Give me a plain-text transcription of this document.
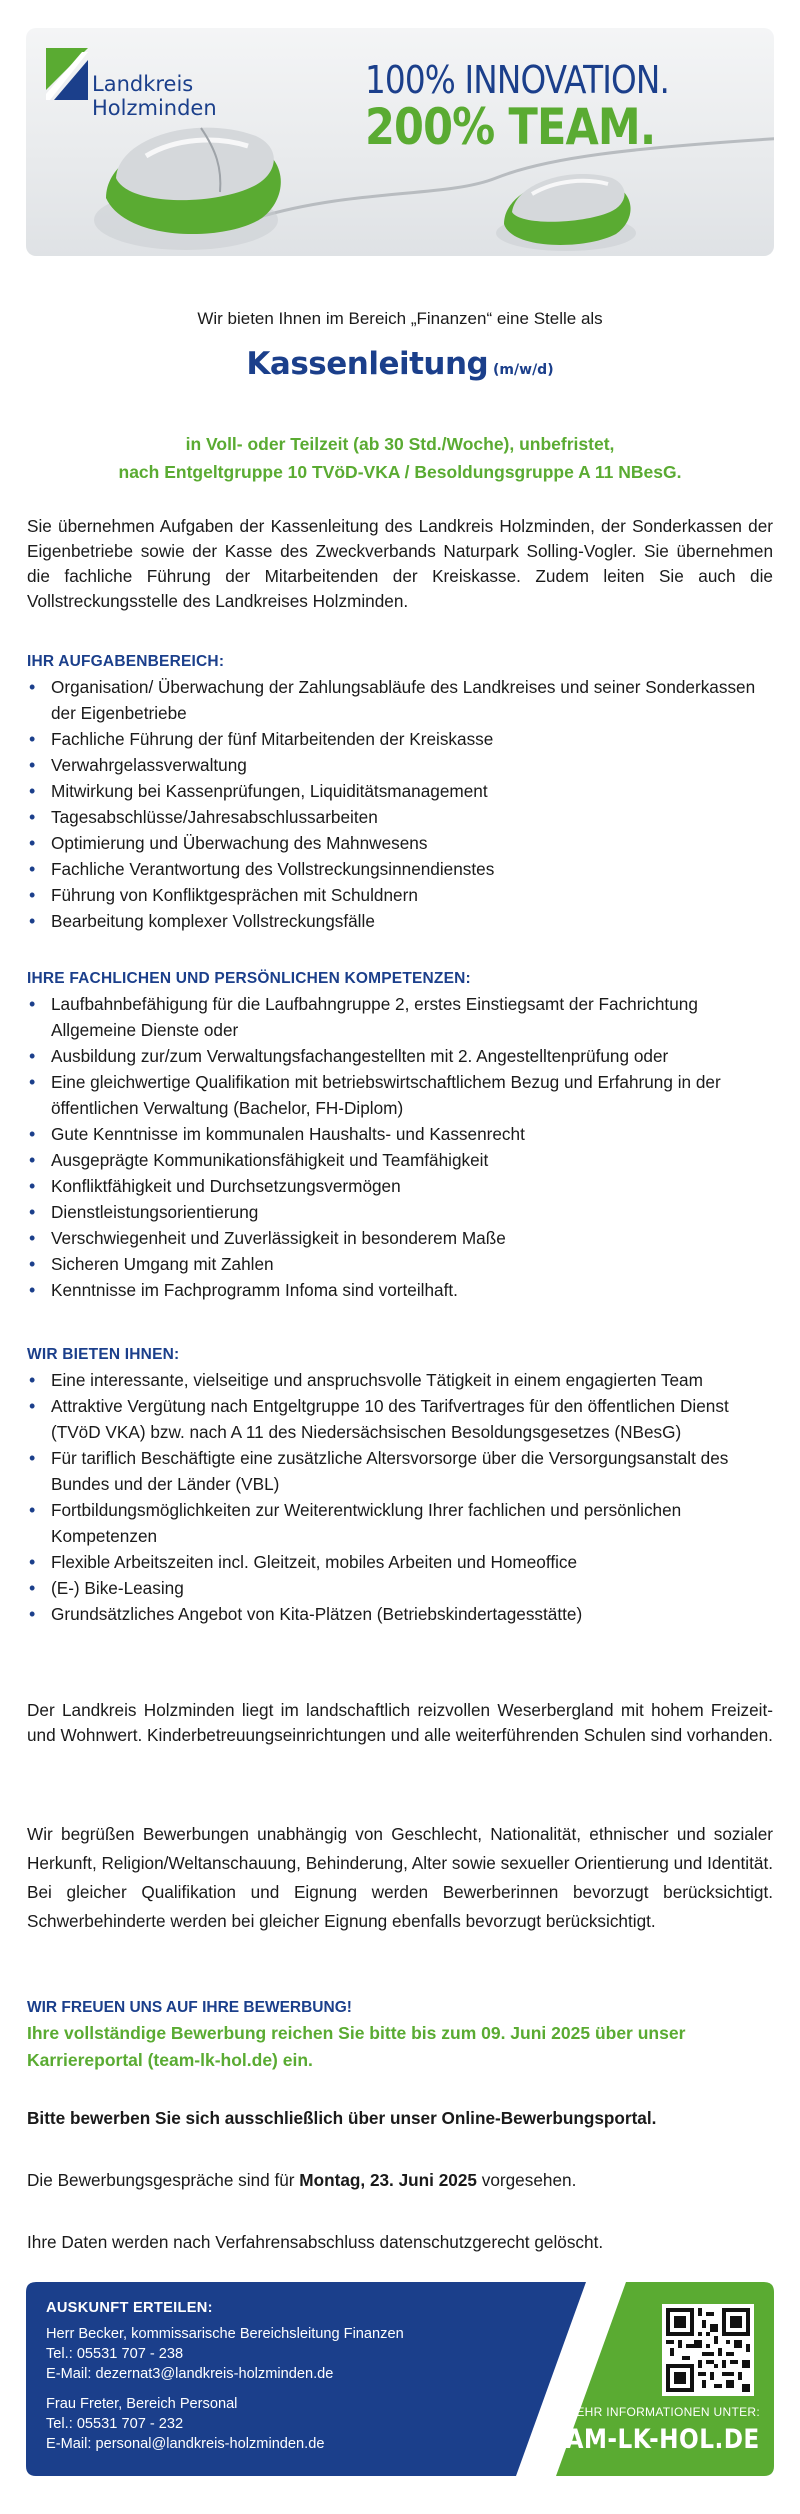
Landkreis
Holzminden
100% INNOVATION.
200% TEAM.
Wir bieten Ihnen im Bereich „Finanzen“ eine Stelle als
Kassenleitung (m/w/d)
in Voll- oder Teilzeit (ab 30 Std./Woche), unbefristet,
nach Entgeltgruppe 10 TVöD-VKA / Besoldungsgruppe A 11 NBesG.

Sie übernehmen Aufgaben der Kassenleitung des Landkreis Holzminden, der Sonderkassen der Eigenbetriebe sowie der Kasse des Zweckverbands Naturpark Solling-Vogler. Sie übernehmen die fachliche Führung der Mitarbeitenden der Kreiskasse. Zudem leiten Sie auch die Vollstreckungsstelle des Landkreises Holzminden.

IHR AUFGABENBEREICH:
• Organisation/ Überwachung der Zahlungsabläufe des Landkreises und seiner Sonderkassen der Eigenbetriebe
• Fachliche Führung der fünf Mitarbeitenden der Kreiskasse
• Verwahrgelassverwaltung
• Mitwirkung bei Kassenprüfungen, Liquiditätsmanagement
• Tagesabschlüsse/Jahresabschlussarbeiten
• Optimierung und Überwachung des Mahnwesens
• Fachliche Verantwortung des Vollstreckungsinnendienstes
• Führung von Konfliktgesprächen mit Schuldnern
• Bearbeitung komplexer Vollstreckungsfälle
IHRE FACHLICHEN UND PERSÖNLICHEN KOMPETENZEN:
• Laufbahnbefähigung für die Laufbahngruppe 2, erstes Einstiegsamt der Fachrichtung Allgemeine Dienste oder
• Ausbildung zur/zum Verwaltungsfachangestellten mit 2. Angestelltenprüfung oder
• Eine gleichwertige Qualifikation mit betriebswirtschaftlichem Bezug und Erfahrung in der öffentlichen Verwaltung (Bachelor, FH-Diplom)
• Gute Kenntnisse im kommunalen Haushalts- und Kassenrecht
• Ausgeprägte Kommunikationsfähigkeit und Teamfähigkeit
• Konfliktfähigkeit und Durchsetzungsvermögen
• Dienstleistungsorientierung
• Verschwiegenheit und Zuverlässigkeit in besonderem Maße
• Sicheren Umgang mit Zahlen
• Kenntnisse im Fachprogramm Infoma sind vorteilhaft.
WIR BIETEN IHNEN:
• Eine interessante, vielseitige und anspruchsvolle Tätigkeit in einem engagierten Team
• Attraktive Vergütung nach Entgeltgruppe 10 des Tarifvertrages für den öffentlichen Dienst (TVöD VKA) bzw. nach A 11 des Niedersächsischen Besoldungsgesetzes (NBesG)
• Für tariflich Beschäftigte eine zusätzliche Altersvorsorge über die Versorgungsanstalt des Bundes und der Länder (VBL)
• Fortbildungsmöglichkeiten zur Weiterentwicklung Ihrer fachlichen und persönlichen Kompetenzen
• Flexible Arbeitszeiten incl. Gleitzeit, mobiles Arbeiten und Homeoffice
• (E-) Bike-Leasing
• Grundsätzliches Angebot von Kita-Plätzen (Betriebskindertagesstätte)

Der Landkreis Holzminden liegt im landschaftlich reizvollen Weserbergland mit hohem Freizeit- und Wohnwert. Kinderbetreuungseinrichtungen und alle weiterführenden Schulen sind vorhanden.

Wir begrüßen Bewerbungen unabhängig von Geschlecht, Nationalität, ethnischer und sozialer Herkunft, Religion/Weltanschauung, Behinderung, Alter sowie sexueller Orientierung und Identität. Bei gleicher Qualifikation und Eignung werden Bewerberinnen bevorzugt berücksichtigt. Schwerbehinderte werden bei gleicher Eignung ebenfalls bevorzugt berücksichtigt.

WIR FREUEN UNS AUF IHRE BEWERBUNG!
Ihre vollständige Bewerbung reichen Sie bitte bis zum 09. Juni 2025 über unser
Karriereportal (team-lk-hol.de) ein.
Bitte bewerben Sie sich ausschließlich über unser Online-Bewerbungsportal.
Die Bewerbungsgespräche sind für Montag, 23. Juni 2025 vorgesehen.
Ihre Daten werden nach Verfahrensabschluss datenschutzgerecht gelöscht.
AUSKUNFT ERTEILEN:
Herr Becker, kommissarische Bereichsleitung Finanzen
Tel.: 05531 707 - 238
E-Mail: dezernat3@landkreis-holzminden.de
Frau Freter, Bereich Personal
Tel.: 05531 707 - 232
E-Mail: personal@landkreis-holzminden.de
MEHR INFORMATIONEN UNTER:
TEAM-LK-HOL.DE
